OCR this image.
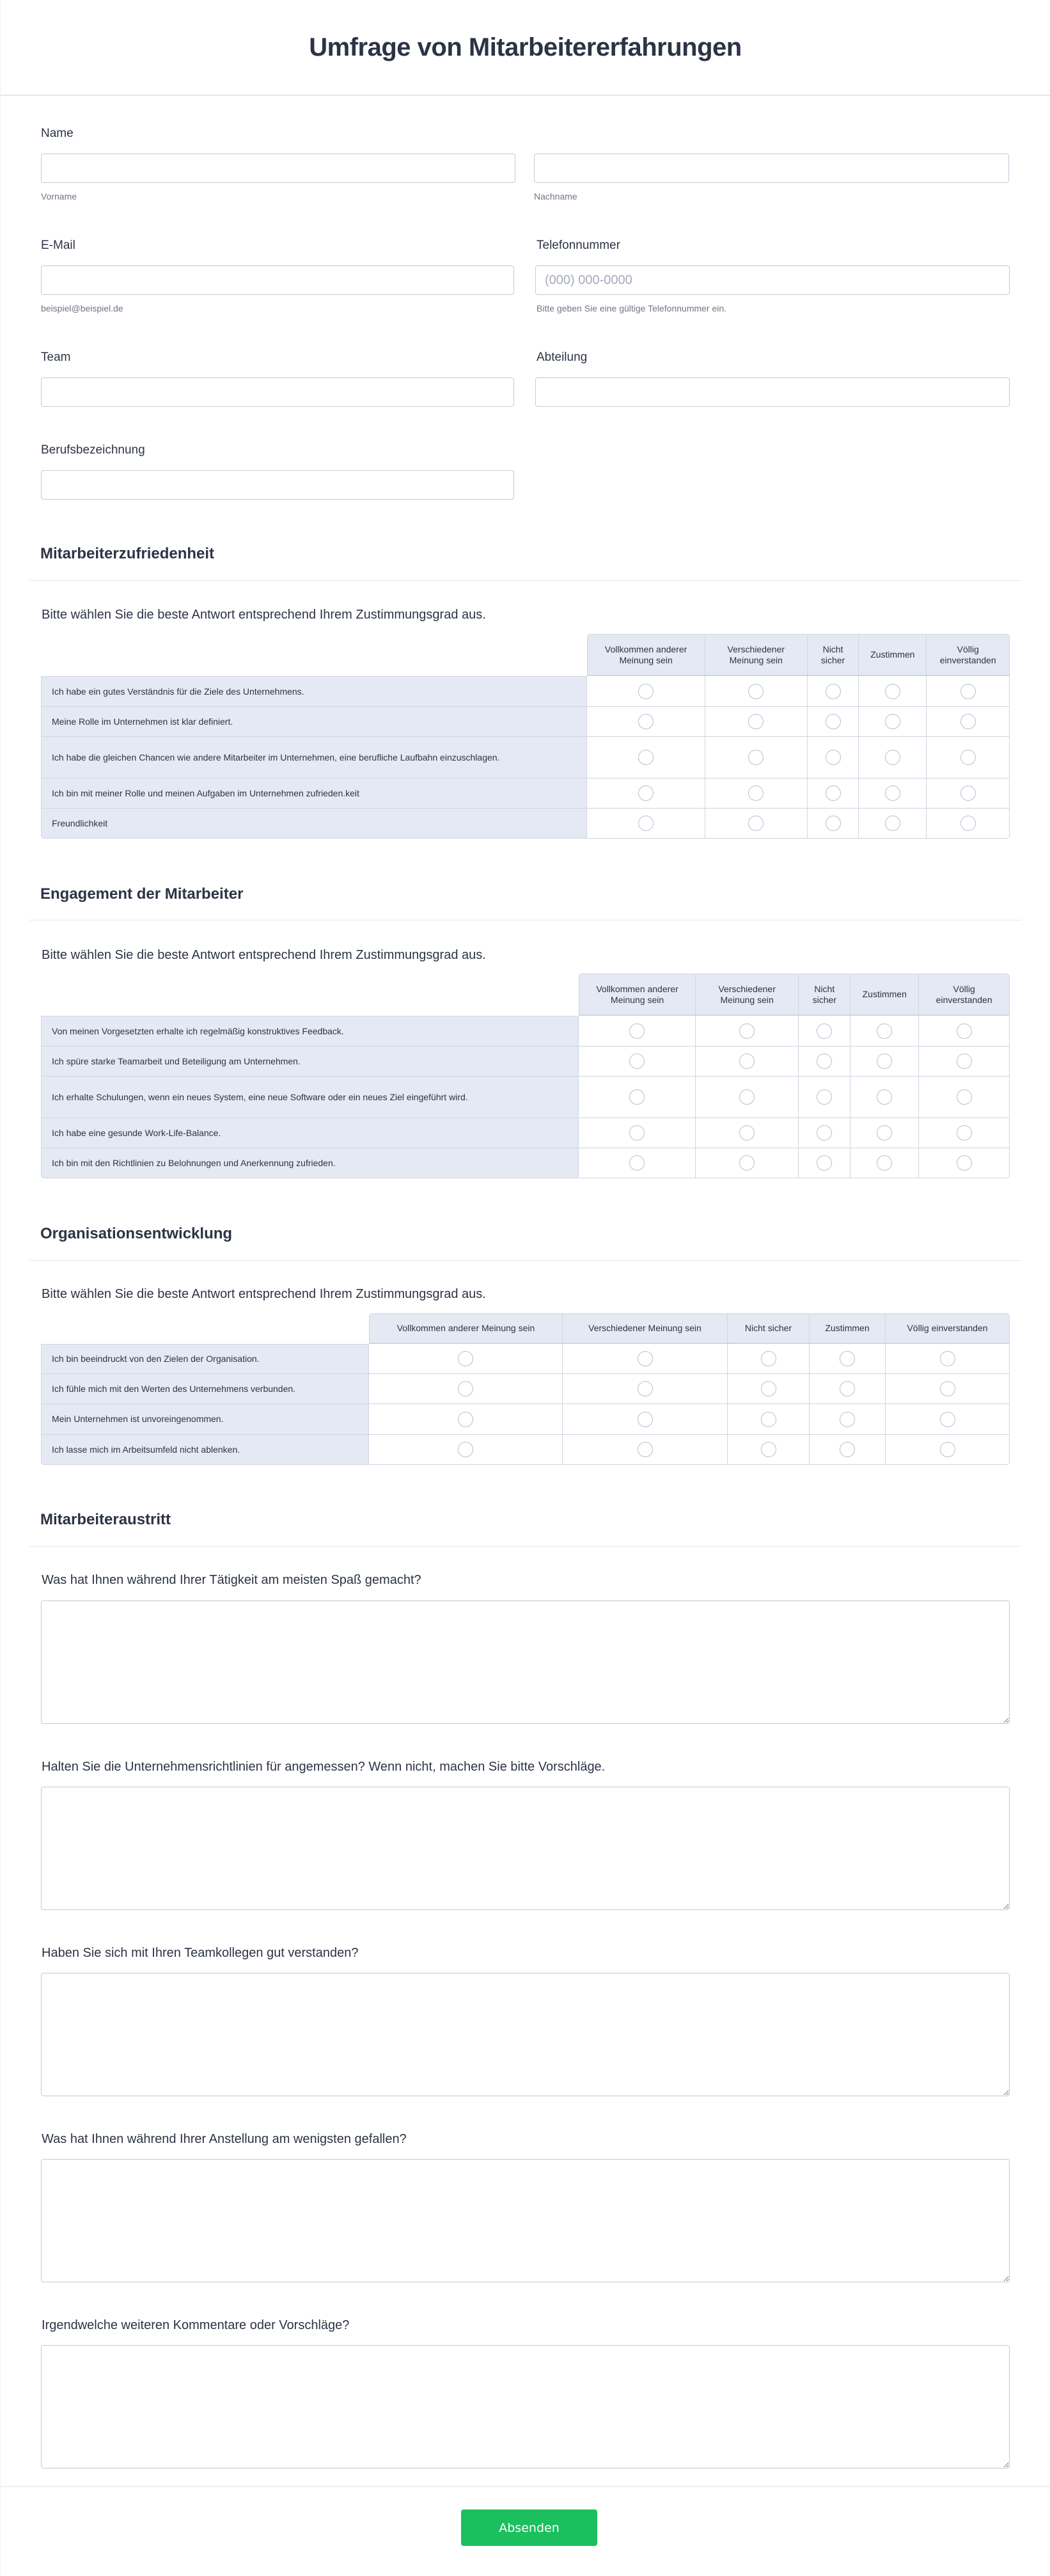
Umfrage von Mitarbeitererfahrungen
Name
Vorname	Nachname
E-Mail
beispiel@beispiel.de
Telefonnummer
(000) 000-0000
Bitte geben Sie eine gültige Telefonnummer ein.
Team	Abteilung
Berufsbezeichnung
Mitarbeiterzufriedenheit
Bitte wählen Sie die beste Antwort entsprechend Ihrem Zustimmungsgrad aus.
	Vollkommen anderer Meinung sein	Verschiedener Meinung sein	Nicht sicher	Zustimmen	Völlig einverstanden
Ich habe ein gutes Verständnis für die Ziele des Unternehmens.					
Meine Rolle im Unternehmen ist klar definiert.					
Ich habe die gleichen Chancen wie andere Mitarbeiter im Unternehmen, eine berufliche Laufbahn einzuschlagen.					
Ich bin mit meiner Rolle und meinen Aufgaben im Unternehmen zufrieden.keit					
Freundlichkeit					
Engagement der Mitarbeiter
Bitte wählen Sie die beste Antwort entsprechend Ihrem Zustimmungsgrad aus.
	Vollkommen anderer Meinung sein	Verschiedener Meinung sein	Nicht sicher	Zustimmen	Völlig einverstanden
Von meinen Vorgesetzten erhalte ich regelmäßig konstruktives Feedback.					
Ich spüre starke Teamarbeit und Beteiligung am Unternehmen.					
Ich erhalte Schulungen, wenn ein neues System, eine neue Software oder ein neues Ziel eingeführt wird.					
Ich habe eine gesunde Work-Life-Balance.					
Ich bin mit den Richtlinien zu Belohnungen und Anerkennung zufrieden.					
Organisationsentwicklung
Bitte wählen Sie die beste Antwort entsprechend Ihrem Zustimmungsgrad aus.
	Vollkommen anderer Meinung sein	Verschiedener Meinung sein	Nicht sicher	Zustimmen	Völlig einverstanden
Ich bin beeindruckt von den Zielen der Organisation.					
Ich fühle mich mit den Werten des Unternehmens verbunden.					
Mein Unternehmen ist unvoreingenommen.					
Ich lasse mich im Arbeitsumfeld nicht ablenken.					
Mitarbeiteraustritt
Was hat Ihnen während Ihrer Tätigkeit am meisten Spaß gemacht?
Halten Sie die Unternehmensrichtlinien für angemessen? Wenn nicht, machen Sie bitte Vorschläge.
Haben Sie sich mit Ihren Teamkollegen gut verstanden?
Was hat Ihnen während Ihrer Anstellung am wenigsten gefallen?
Irgendwelche weiteren Kommentare oder Vorschläge?
Absenden
